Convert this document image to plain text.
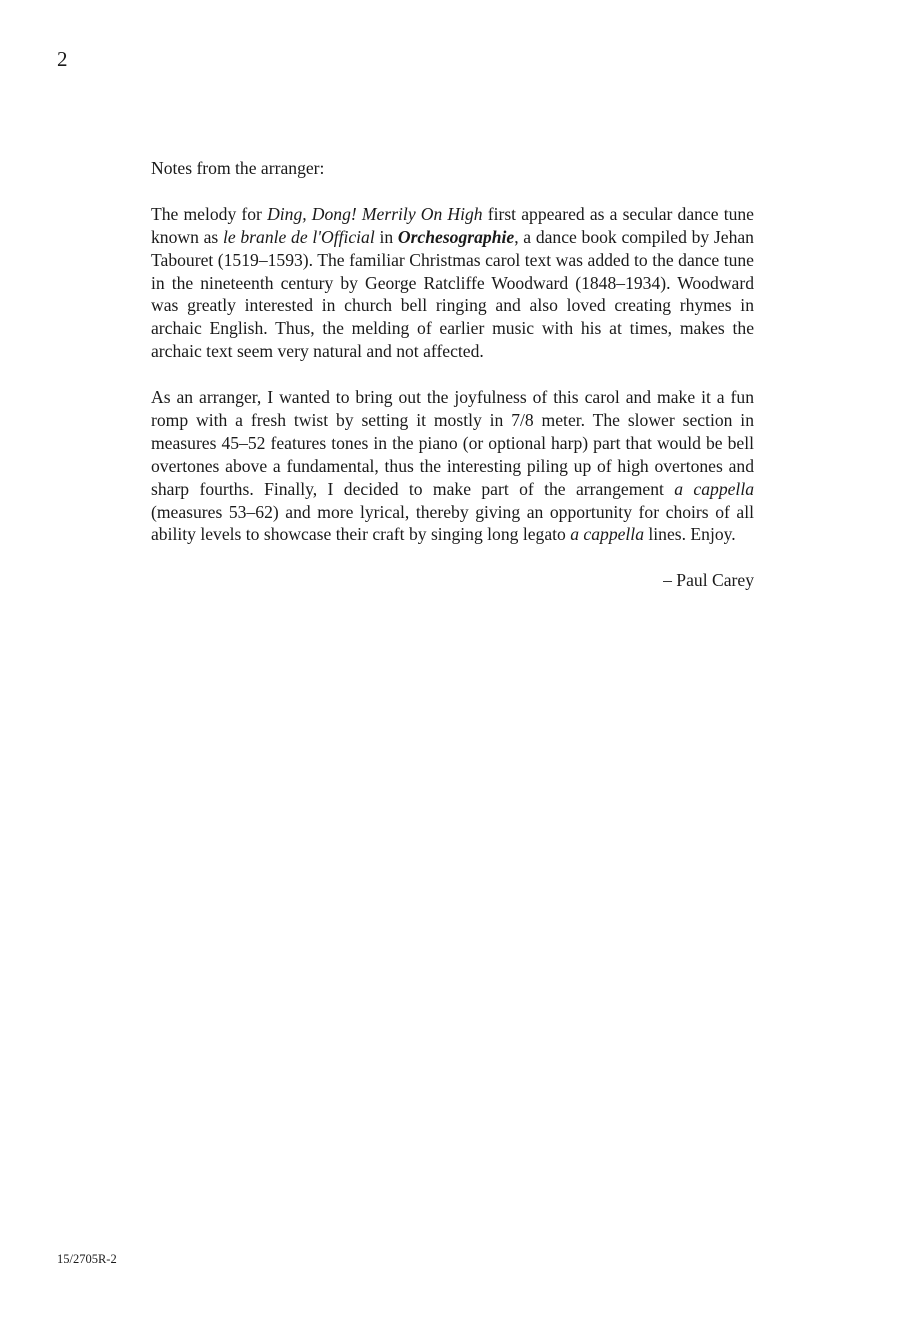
2

Notes from the arranger:

The melody for Ding, Dong! Merrily On High first appeared as a secular dance tune known as le branle de l'Official in Orchesographie, a dance book compiled by Jehan Tabouret (1519–1593). The familiar Christmas carol text was added to the dance tune in the nineteenth century by George Ratcliffe Woodward (1848–1934). Woodward was greatly interested in church bell ringing and also loved creating rhymes in archaic English. Thus, the melding of earlier music with his at times, makes the archaic text seem very natural and not affected.

As an arranger, I wanted to bring out the joyfulness of this carol and make it a fun romp with a fresh twist by setting it mostly in 7/8 meter. The slower section in measures 45–52 features tones in the piano (or optional harp) part that would be bell overtones above a fundamental, thus the interesting piling up of high overtones and sharp fourths. Finally, I decided to make part of the arrangement a cappella (measures 53–62) and more lyrical, thereby giving an opportunity for choirs of all ability levels to showcase their craft by singing long legato a cappella lines. Enjoy.

– Paul Carey

15/2705R-2
